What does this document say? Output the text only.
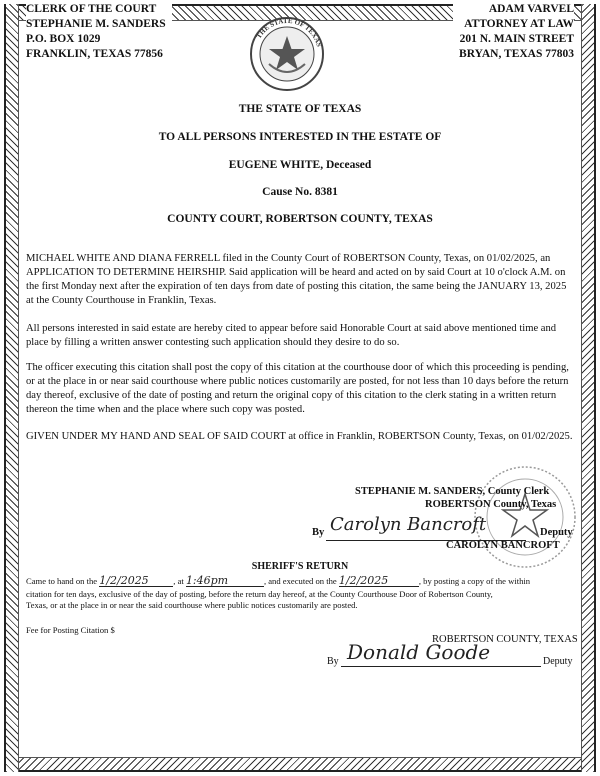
CLERK OF THE COURT
STEPHANIE M. SANDERS
P.O. BOX 1029
FRANKLIN, TEXAS 77856
ADAM VARVEL
ATTORNEY AT LAW
201 N. MAIN STREET
BRYAN, TEXAS 77803
THE STATE OF TEXAS
THE STATE OF TEXAS
TO ALL PERSONS INTERESTED IN THE ESTATE OF
EUGENE WHITE, Deceased
Cause No. 8381
COUNTY COURT, ROBERTSON COUNTY, TEXAS

MICHAEL WHITE AND DIANA FERRELL filed in the County Court of ROBERTSON County, Texas, on 01/02/2025, an APPLICATION TO DETERMINE HEIRSHIP. Said application will be heard and acted on by said Court at 10 o'clock A.M. on the first Monday next after the expiration of ten days from date of posting this citation, the same being the JANUARY 13, 2025 at the County Courthouse in Franklin, Texas.

All persons interested in said estate are hereby cited to appear before said Honorable Court at said above mentioned time and place by filling a written answer contesting such application should they desire to do so.

The officer executing this citation shall post the copy of this citation at the courthouse door of which this proceeding is pending, or at the place in or near said courthouse where public notices customarily are posted, for not less than 10 days before the return day thereof, exclusive of the date of posting and return the original copy of this citation to the clerk stating in a written return thereon the time when and the place where such copy was posted.

GIVEN UNDER MY HAND AND SEAL OF SAID COURT at office in Franklin, ROBERTSON County, Texas, on 01/02/2025.

STEPHANIE M. SANDERS, County Clerk
ROBERTSON County, Texas
By Carolyn Bancroft	Deputy
CAROLYN BANCROFT
SHERIFF'S RETURN
Came to hand on the 1/2/2025	, at 1:46pm	, and executed on the 1/2/2025	, by posting a copy of the within
citation for ten days, exclusive of the day of posting, before the return day hereof, at the County Courthouse Door of Robertson County,
Texas, or at the place in or near the said courthouse where public notices customarily are posted.
Fee for Posting Citation $
ROBERTSON COUNTY, TEXAS
By Donald Goode	Deputy
